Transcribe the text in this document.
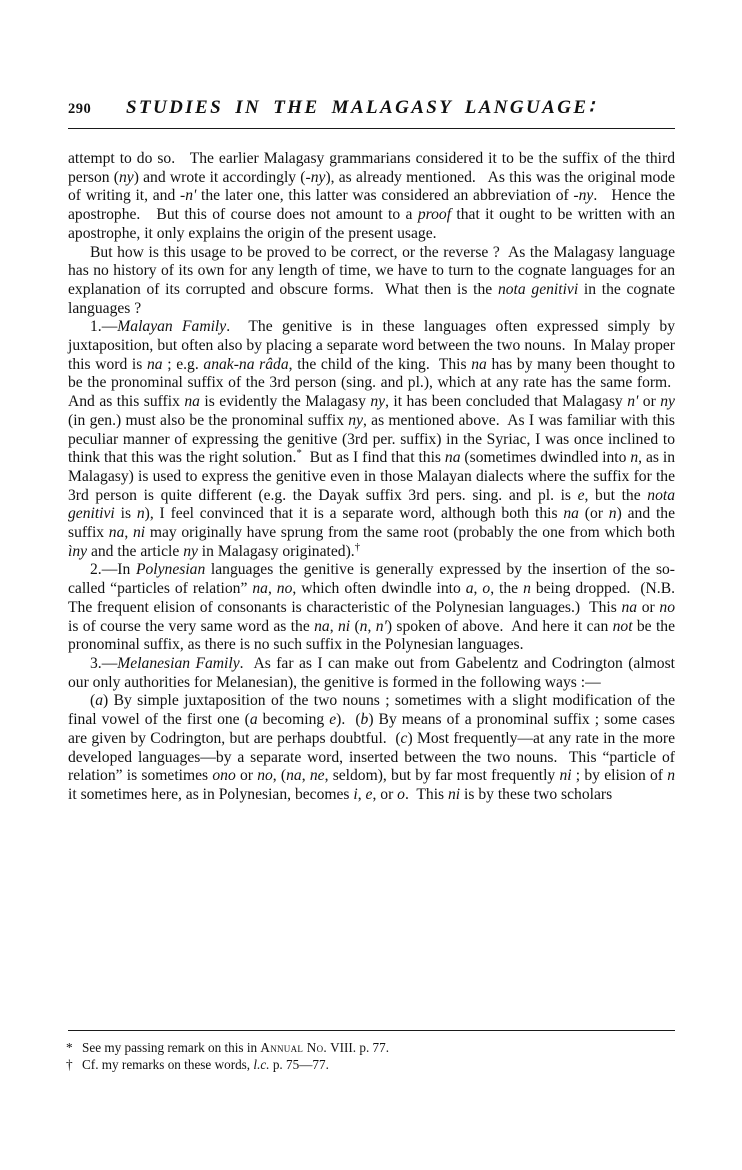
290	STUDIES IN THE MALAGASY LANGUAGE∶

attempt to do so.   The earlier Malagasy grammarians considered it to be the suffix of the third person (ny) and wrote it accordingly (-ny), as already mentioned.   As this was the original mode of writing it, and -n' the later one, this latter was considered an abbreviation of -ny.   Hence the apostrophe.   But this of course does not amount to a proof that it ought to be written with an apostrophe, it only explains the origin of the present usage.

But how is this usage to be proved to be correct, or the reverse ?  As the Malagasy language has no history of its own for any length of time, we have to turn to the cognate languages for an explanation of its corrupted and obscure forms.  What then is the nota genitivi in the cognate languages ?

1.—Malayan Family.  The genitive is in these languages often expressed simply by juxtaposition, but often also by placing a separate word between the two nouns.  In Malay proper this word is na ; e.g. anak-na râda, the child of the king.  This na has by many been thought to be the pronominal suffix of the 3rd person (sing. and pl.), which at any rate has the same form.  And as this suffix na is evidently the Malagasy ny, it has been concluded that Malagasy n' or ny (in gen.) must also be the pronominal suffix ny, as mentioned above.  As I was familiar with this peculiar manner of expressing the genitive (3rd per. suffix) in the Syriac, I was once inclined to think that this was the right solution.*  But as I find that this na (sometimes dwindled into n, as in Malagasy) is used to express the genitive even in those Malayan dialects where the suffix for the 3rd person is quite different (e.g. the Dayak suffix 3rd pers. sing. and pl. is e, but the nota genitivi is n), I feel convinced that it is a separate word, although both this na (or n) and the suffix na, ni may originally have sprung from the same root (probably the one from which both ìny and the article ny in Malagasy originated).†

2.—In Polynesian languages the genitive is generally expressed by the insertion of the so-called “particles of relation” na, no, which often dwindle into a, o, the n being dropped.  (N.B. The frequent elision of consonants is characteristic of the Polynesian languages.)  This na or no is of course the very same word as the na, ni (n, n') spoken of above.  And here it can not be the pronominal suffix, as there is no such suffix in the Polynesian languages.

3.—Melanesian Family.  As far as I can make out from Gabelentz and Codrington (almost our only authorities for Melanesian), the genitive is formed in the following ways :—

(a) By simple juxtaposition of the two nouns ; sometimes with a slight modification of the final vowel of the first one (a becoming e).  (b) By means of a pronominal suffix ; some cases are given by Codrington, but are perhaps doubtful.  (c) Most frequently—at any rate in the more developed languages—by a separate word, inserted between the two nouns.  This “particle of relation” is sometimes ono or no, (na, ne, seldom), but by far most frequently ni ; by elision of n it sometimes here, as in Polynesian, becomes i, e, or o.  This ni is by these two scholars

* See my passing remark on this in Annual No. VIII. p. 77.

† Cf. my remarks on these words, l.c. p. 75—77.
